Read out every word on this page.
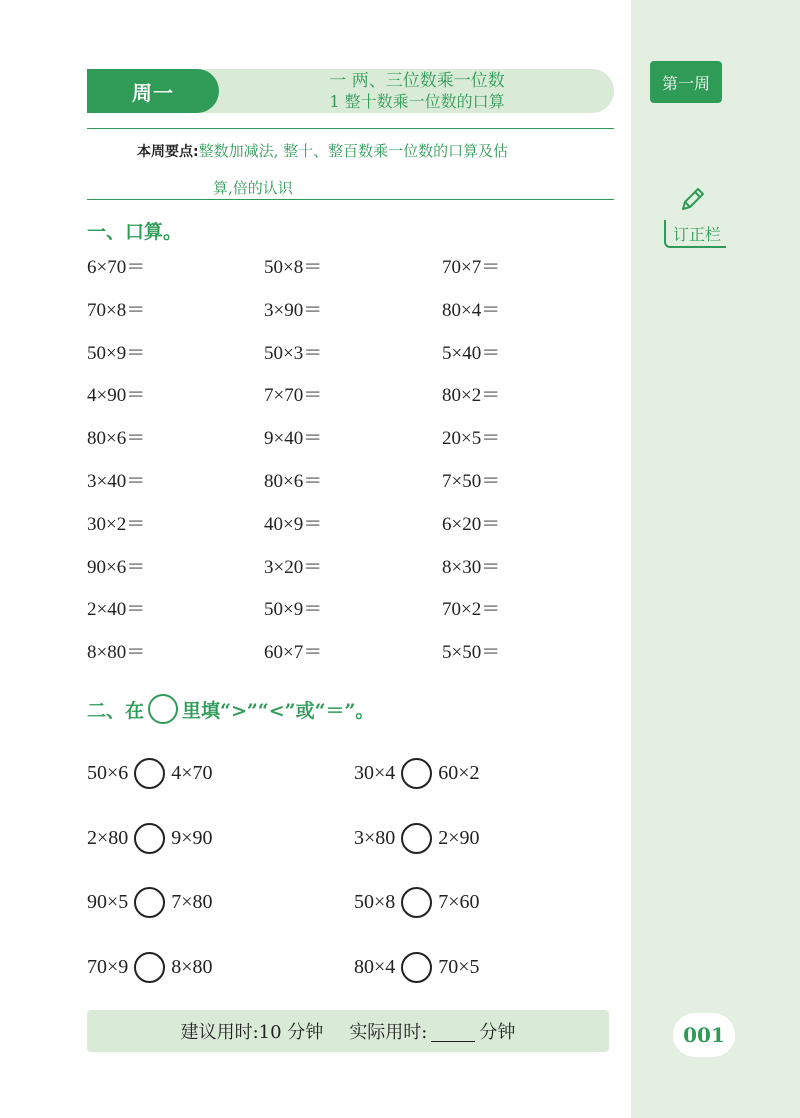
第一周
订正栏
001
周一	一 两、三位数乘一位数
1 整十数乘一位数的口算
本周要点:整数加减法, 整十、整百数乘一位数的口算及估
算,倍的认识
一、口算。
6×70＝	50×8＝	70×7＝
70×8＝	3×90＝	80×4＝
50×9＝	50×3＝	5×40＝
4×90＝	7×70＝	80×2＝
80×6＝	9×40＝	20×5＝
3×40＝	80×6＝	7×50＝
30×2＝	40×9＝	6×20＝
90×6＝	3×20＝	8×30＝
2×40＝	50×9＝	70×2＝
8×80＝	60×7＝	5×50＝
二、在 里填“>”“<”或“＝”。
50×6 4×70	30×4 60×2
2×80 9×90	3×80 2×90
90×5 7×80	50×8 7×60
70×9 8×80	80×4 70×5
建议用时:10 分钟 实际用时:	分钟
